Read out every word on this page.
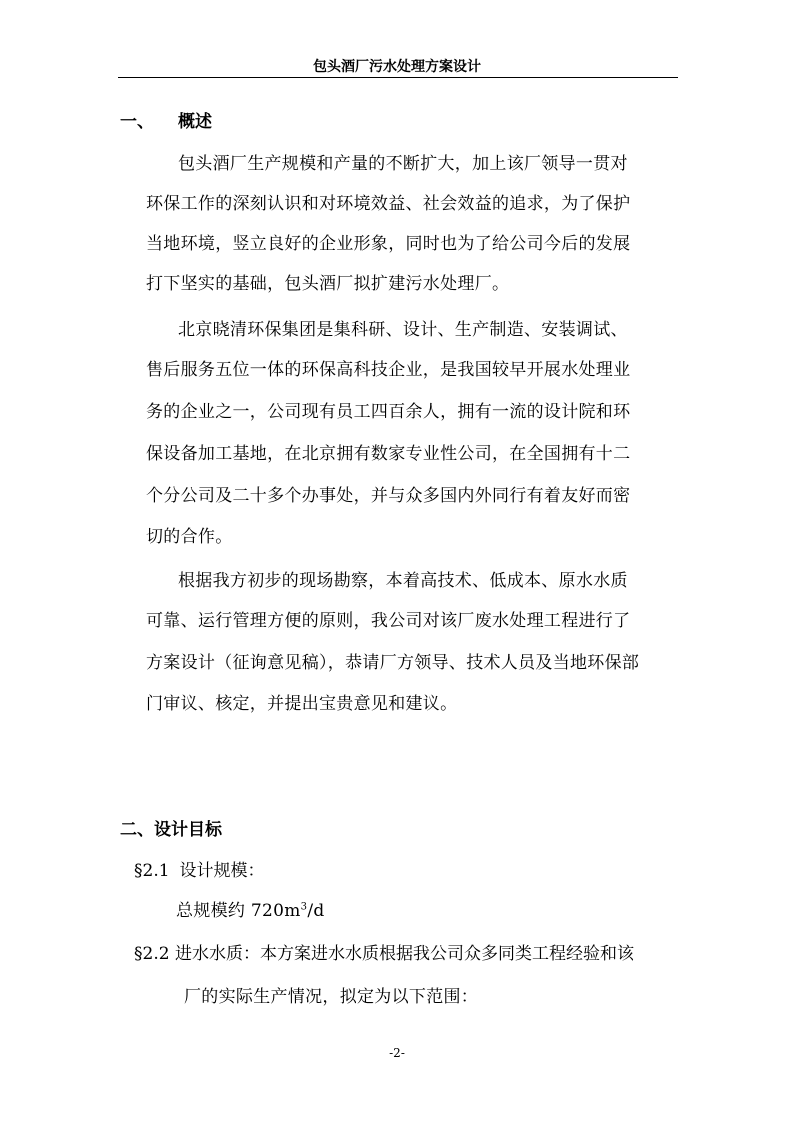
包头酒厂污水处理方案设计
一、 概述
包头酒厂生产规模和产量的不断扩大，加上该厂领导一贯对
环保工作的深刻认识和对环境效益、社会效益的追求，为了保护
当地环境，竖立良好的企业形象，同时也为了给公司今后的发展
打下坚实的基础，包头酒厂拟扩建污水处理厂。
北京晓清环保集团是集科研、设计、生产制造、安装调试、
售后服务五位一体的环保高科技企业，是我国较早开展水处理业
务的企业之一，公司现有员工四百余人，拥有一流的设计院和环
保设备加工基地，在北京拥有数家专业性公司，在全国拥有十二
个分公司及二十多个办事处，并与众多国内外同行有着友好而密
切的合作。
根据我方初步的现场勘察，本着高技术、低成本、原水水质
可靠、运行管理方便的原则，我公司对该厂废水处理工程进行了
方案设计（征询意见稿），恭请厂方领导、技术人员及当地环保部
门审议、核定，并提出宝贵意见和建议。
二、设计目标
§2.1 设计规模：
总规模约 $720m^3/d$
§2.2 进水水质：本方案进水水质根据我公司众多同类工程经验和该
厂的实际生产情况，拟定为以下范围：
-2-
